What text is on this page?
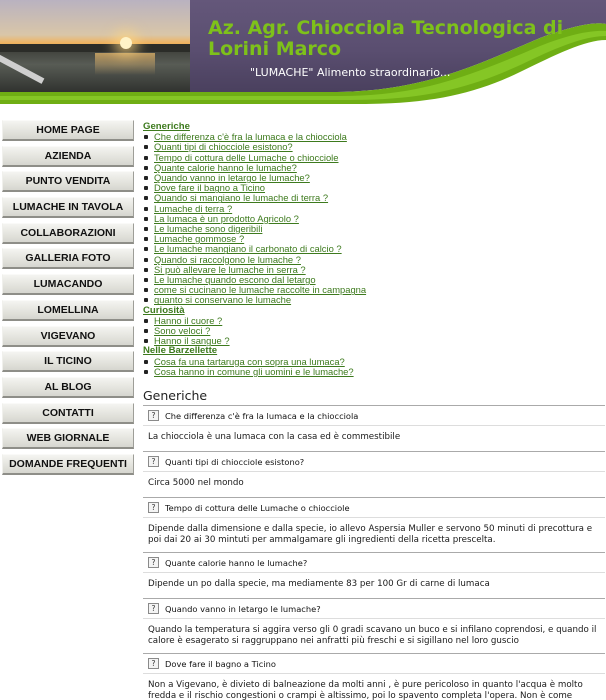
Az. Agr. Chiocciola Tecnologica di Lorini Marco
"LUMACHE" Alimento straordinario...
HOME PAGE
AZIENDA
PUNTO VENDITA
LUMACHE IN TAVOLA
COLLABORAZIONI
GALLERIA FOTO
LUMACANDO
LOMELLINA
VIGEVANO
IL TICINO
AL BLOG
CONTATTI
WEB GIORNALE
DOMANDE FREQUENTI
Generiche
Che differenza c'è fra la lumaca e la chiocciola
Quanti tipi di chiocciole esistono?
Tempo di cottura delle Lumache o chiocciole
Quante calorie hanno le lumache?
Quando vanno in letargo le lumache?
Dove fare il bagno a Ticino
Quando si mangiano le lumache di terra ?
Lumache di terra ?
La lumaca è un prodotto Agricolo ?
Le lumache sono digeribili
Lumache gommose ?
Le lumache mangiano il carbonato di calcio ?
Quando si raccolgono le lumache ?
Si può allevare le lumache in serra ?
Le lumache quando escono dal letargo
come si cucinano le lumache raccolte in campagna
quanto si conservano le lumache
Curiosità
Hanno il cuore ?
Sono veloci ?
Hanno il sangue ?
Nelle Barzellette
Cosa fa una tartaruga con sopra una lumaca?
Cosa hanno in comune gli uomini e le lumache?
Generiche
?	Che differenza c'è fra la lumaca e la chiocciola
La chiocciola è una lumaca con la casa ed è commestibile
?	Quanti tipi di chiocciole esistono?
Circa 5000 nel mondo
?	Tempo di cottura delle Lumache o chiocciole
Dipende dalla dimensione e dalla specie, io allevo Aspersia Muller e servono 50 minuti di precottura e poi dai 20 ai 30 mintuti per ammalgamare gli ingredienti della ricetta prescelta.
?	Quante calorie hanno le lumache?
Dipende un po dalla specie, ma mediamente 83 per 100 Gr di carne di lumaca
?	Quando vanno in letargo le lumache?
Quando la temperatura si aggira verso gli 0 gradi scavano un buco e si infilano coprendosi, e quando il calore è esagerato si raggruppano nei anfratti più freschi e si sigillano nel loro guscio
?	Dove fare il bagno a Ticino
Non a Vigevano, è divieto di balneazione da molti anni , è pure pericoloso in quanto l'acqua è molto fredda e il rischio congestioni o crampi è altissimo, poi lo spavento completa l'opera. Non è come
